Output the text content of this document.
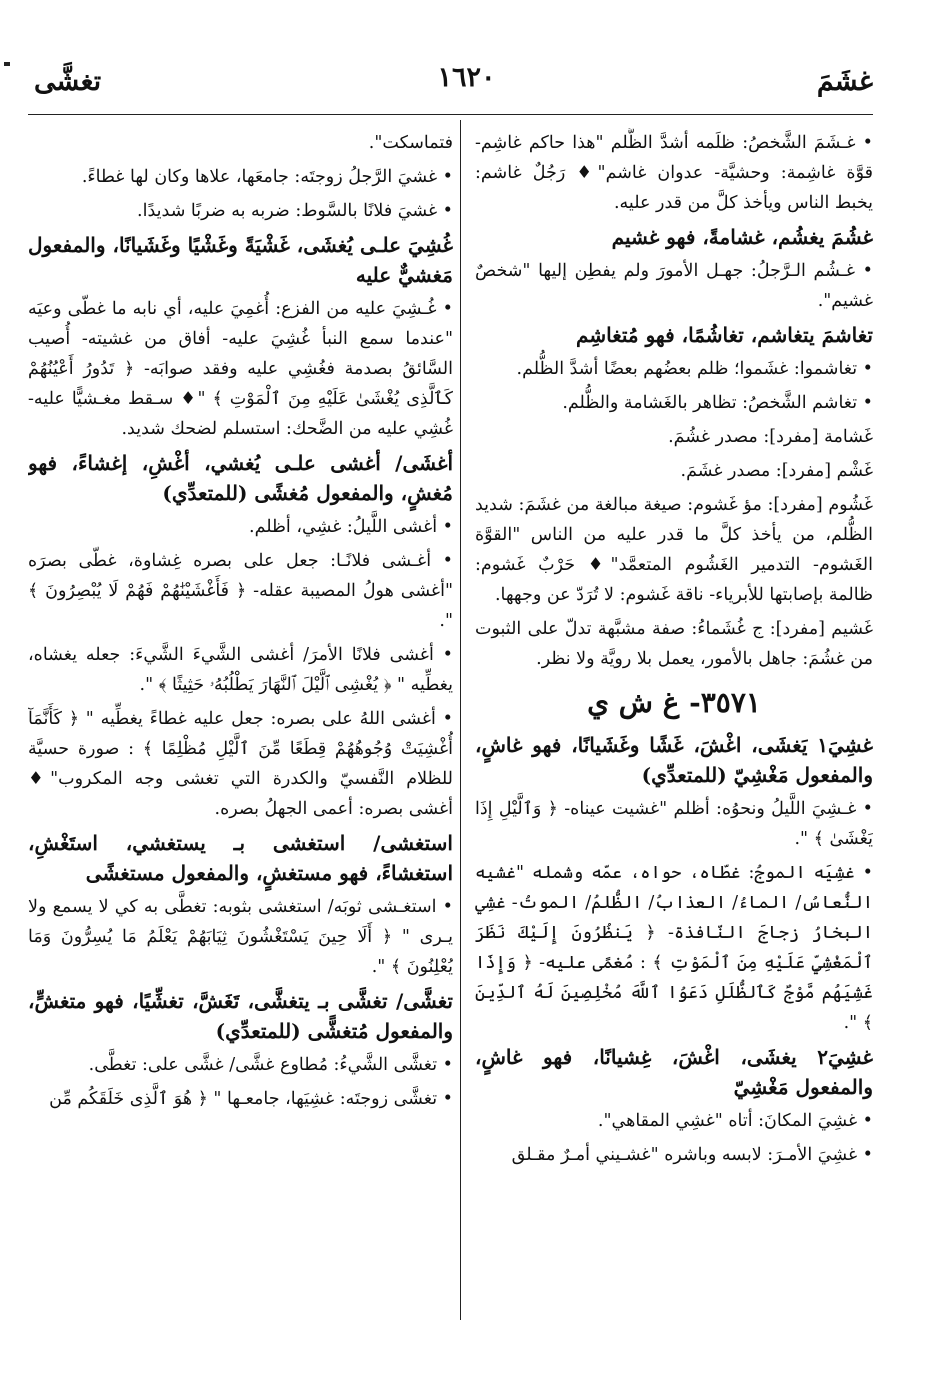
غشَمَ
١٦٢٠
تغشَّى

• غـشَمَ الشَّخصُ: ظلَمه أشدَّ الظُّلم "هذا حاكم غاشِم- قوَّة غاشِمة: وحشيَّة- عدوان غاشم"♦ رَجُلٌ غاشم: يخبط الناس ويأخذ كلَّ من قدر عليه.

غشُمَ يغشُم، غشامةً، فهو غشيم

• غـشُم الـرَّجلُ: جهـل الأمورَ ولم يفطِن إليها "شخصٌ غشيم".

تغاشمَ يتغاشم، تغاشُمًا، فهو مُتغاشِم

• تغاشموا: غشَموا؛ ظلم بعضُهم بعضًا أشدَّ الظُّلم.

• تغاشم الشَّخصُ: تظاهر بالغَشامة والظُّلم.

غَشامة [مفرد]: مصدر غشُمَ.

غَشْم [مفرد]: مصدر غشَمَ.

غَشُوم [مفرد]: مؤ غَشوم: صيغة مبالغة من غشَمَ: شديد الظُّلم، من يأخذ كلَّ ما قدر عليه من الناس "القوَّة الغَشوم- التدمير الغَشُوم المتعمَّد"♦ حَرْبٌ غَشوم: ظالمة بإصابتها للأبرياء- ناقة غَشوم: لا تُرَدّ عن وجهها.

غَشيم [مفرد]: ج غُشَماءُ: صفة مشبَّهة تدلّ على الثبوت من غشُمَ: جاهل بالأمور، يعمل بلا رويَّة ولا نظر.

٣٥٧١- غ ش ي

غشِيَ١ يَغشَى، اغْشَ، غَشًا وغَشَيانًا، فهو غاشٍ، والمفعول مَغْشِيّ (للمتعدِّي)

• غـشِيَ اللَّيلُ ونحوُه: أظلم "غشيت عيناه- ﴿ وَٱلَّيْلِ إِذَا يَغْشَىٰ ﴾ ".

• غشِيَه الموجُ: غطّاه، حواه، عمّه وشمله "غشيه النُّعاسُ/ الماءُ/ العذابُ/ الظُّلمُ/ الموتُ- غشِي البخارُ زجاجَ النّافذة- ﴿ يَنظُرُونَ إِلَيْكَ نَظَرَ ٱلْمَغْشِيِّ عَلَيْهِ مِنَ ٱلْمَوْتِ ﴾ : مُغمًى عليه- ﴿ وَإِذَا غَشِيَهُم مَّوْجٌ كَٱلظُّلَلِ دَعَوُا ٱللَّهَ مُخْلِصِينَ لَهُ ٱلدِّينَ ﴾ ".

غشِيَ٢ يغشَى، اغْشَ، غِشيانًا، فهو غاشٍ، والمفعول مَغْشِيّ

• غشِيَ المكانَ: أتاه "غشِي المقاهي".

• غشِيَ الأمـرَ: لابسه وباشره "غشـيني أمـرٌ مقـلق

فتماسكت".

• غشيَ الرَّجلُ زوجتَه: جامعَها، علاها وكان لها غطاءً.

• غشيَ فلانًا بالسَّوط: ضربه به ضربًا شديدًا.

غُشِيَ علـى يُغشَى، غَشْيَةً وغَشْيًا وغَشَيانًا، والمفعول مَغشيٌّ عليه

• غُـشِيَ عليه من الفزع: أُغمِيَ عليه، أي نابه ما غطّى وعيَه "عندما سمع النبأ غُشِيَ عليه- أفاق من غشيته- أُصيب السَّائقُ بصدمة فغُشِي عليه وفقد صوابَه- ﴿ تَدُورُ أَعْيُنُهُمْ كَٱلَّذِى يُغْشَىٰ عَلَيْهِ مِنَ ٱلْمَوْتِ ﴾ "♦ سـقط مغـشيًّا عليه- غُشِي عليه من الضَّحك: استسلم لضحك شديد.

أغشَى/ أغشى علـى يُغشي، أغْشِ، إغشاءً، فهو مُغشٍ، والمفعول مُغشًى (للمتعدِّي)

• أغشى اللَّيلُ: غشِي، أظلم.

• أغـشى فلانًـا: جعل على بصره غِشاوة، غطّى بصرَه "أغشى هولُ المصيبة عقله- ﴿ فَأَغْشَيْنَٰهُمْ فَهُمْ لَا يُبْصِرُونَ ﴾ ".

• أغشى فلانًا الأمرَ/ أغشى الشَّيءَ الشَّيءَ: جعله يغشاه، يغطِّيه " ﴿ يُغْشِى ٱلَّيْلَ ٱلنَّهَارَ يَطْلُبُهُۥ حَثِيثًا ﴾ ".

• أغشى اللهُ على بصره: جعل عليه غطاءً يغطِّيه " ﴿ كَأَنَّمَآ أُغْشِيَتْ وُجُوهُهُمْ قِطَعًا مِّنَ ٱلَّيْلِ مُظْلِمًا ﴾ : صورة حسيَّة للظلام النَّفسيّ والكدرة التي تغشى وجه المكروب"♦ أغشى بصره: أعمى الجهلُ بصره.

استغشى/ استغشى بـ يستغشي، استَغْشِ، استغشاءً، فهو مستغشٍ، والمفعول مستغشًى

• استغـشى ثوبَه/ استغشى بثوبه: تغطَّى به كي لا يسمع ولا يـرى " ﴿ أَلَا حِينَ يَسْتَغْشُونَ ثِيَابَهُمْ يَعْلَمُ مَا يُسِرُّونَ وَمَا يُعْلِنُونَ ﴾ ".

تغشَّى/ تغشَّى بـ يتغشَّى، تَغَشَّ، تغشِّيًا، فهو متغشٍّ، والمفعول مُتغشًّى (للمتعدِّي)

• تغشَّى الشَّيءُ: مُطاوع غشَّى/ غشَّى على: تغطَّى.

• تغشَّى زوجتَه: غشِيَها، جامعـها " ﴿ هُوَ ٱلَّذِى خَلَقَكُم مِّن
